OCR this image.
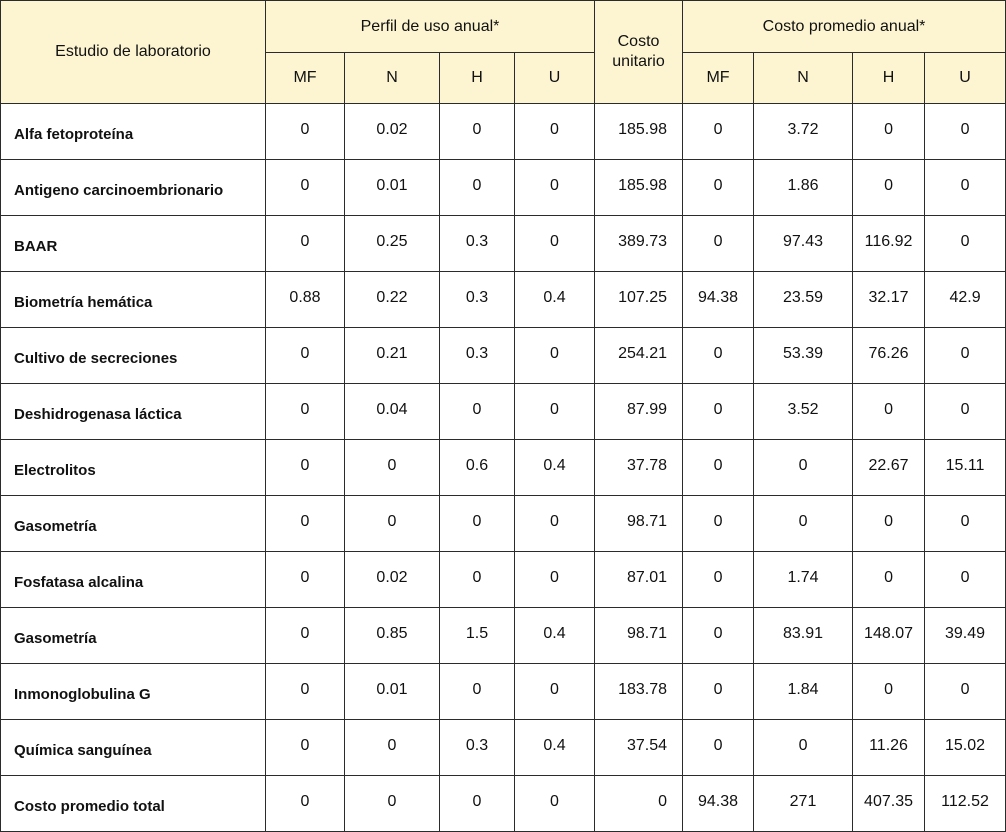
Estudio de laboratorio	Perfil de uso anual*				Costo unitario	Costo promedio anual*			
	MF	N	H	U		MF	N	H	U
Alfa fetoproteína	0	0.02	0	0	185.98	0	3.72	0	0
Antigeno carcinoembrionario	0	0.01	0	0	185.98	0	1.86	0	0
BAAR	0	0.25	0.3	0	389.73	0	97.43	116.92	0
Biometría hemática	0.88	0.22	0.3	0.4	107.25	94.38	23.59	32.17	42.9
Cultivo de secreciones	0	0.21	0.3	0	254.21	0	53.39	76.26	0
Deshidrogenasa láctica	0	0.04	0	0	87.99	0	3.52	0	0
Electrolitos	0	0	0.6	0.4	37.78	0	0	22.67	15.11
Gasometría	0	0	0	0	98.71	0	0	0	0
Fosfatasa alcalina	0	0.02	0	0	87.01	0	1.74	0	0
Gasometría	0	0.85	1.5	0.4	98.71	0	83.91	148.07	39.49
Inmonoglobulina G	0	0.01	0	0	183.78	0	1.84	0	0
Química sanguínea	0	0	0.3	0.4	37.54	0	0	11.26	15.02
Costo promedio total	0	0	0	0	0	94.38	271	407.35	112.52
